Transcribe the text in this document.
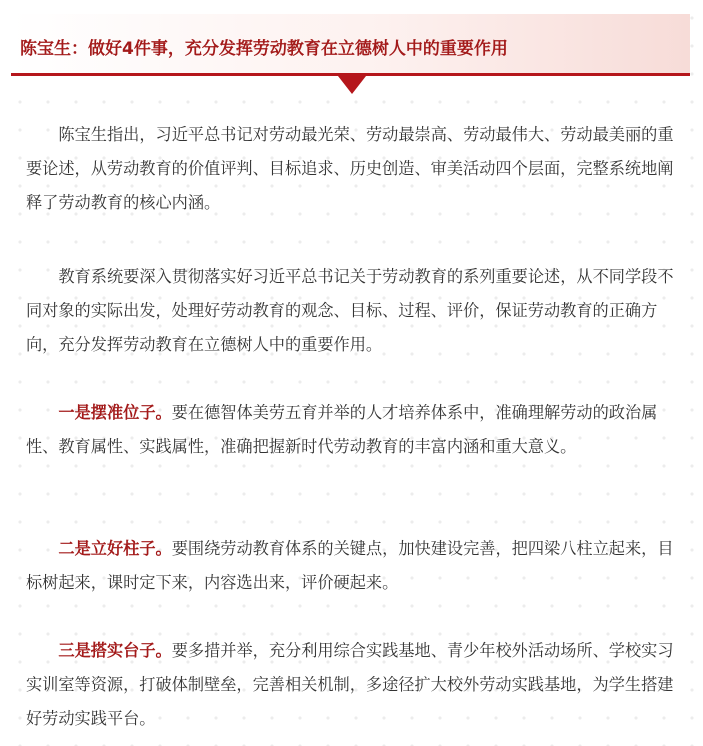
陈宝生：做好4件事，充分发挥劳动教育在立德树人中的重要作用

陈宝生指出，习近平总书记对劳动最光荣、劳动最崇高、劳动最伟大、劳动最美丽的重要论述，从劳动教育的价值评判、目标追求、历史创造、审美活动四个层面，完整系统地阐释了劳动教育的核心内涵。

教育系统要深入贯彻落实好习近平总书记关于劳动教育的系列重要论述，从不同学段不同对象的实际出发，处理好劳动教育的观念、目标、过程、评价，保证劳动教育的正确方向，充分发挥劳动教育在立德树人中的重要作用。

一是摆准位子。要在德智体美劳五育并举的人才培养体系中，准确理解劳动的政治属性、教育属性、实践属性，准确把握新时代劳动教育的丰富内涵和重大意义。

二是立好柱子。要围绕劳动教育体系的关键点，加快建设完善，把四梁八柱立起来，目标树起来，课时定下来，内容选出来，评价硬起来。

三是搭实台子。要多措并举，充分利用综合实践基地、青少年校外活动场所、学校实习实训室等资源，打破体制壁垒，完善相关机制，多途径扩大校外劳动实践基地，为学生搭建好劳动实践平台。
